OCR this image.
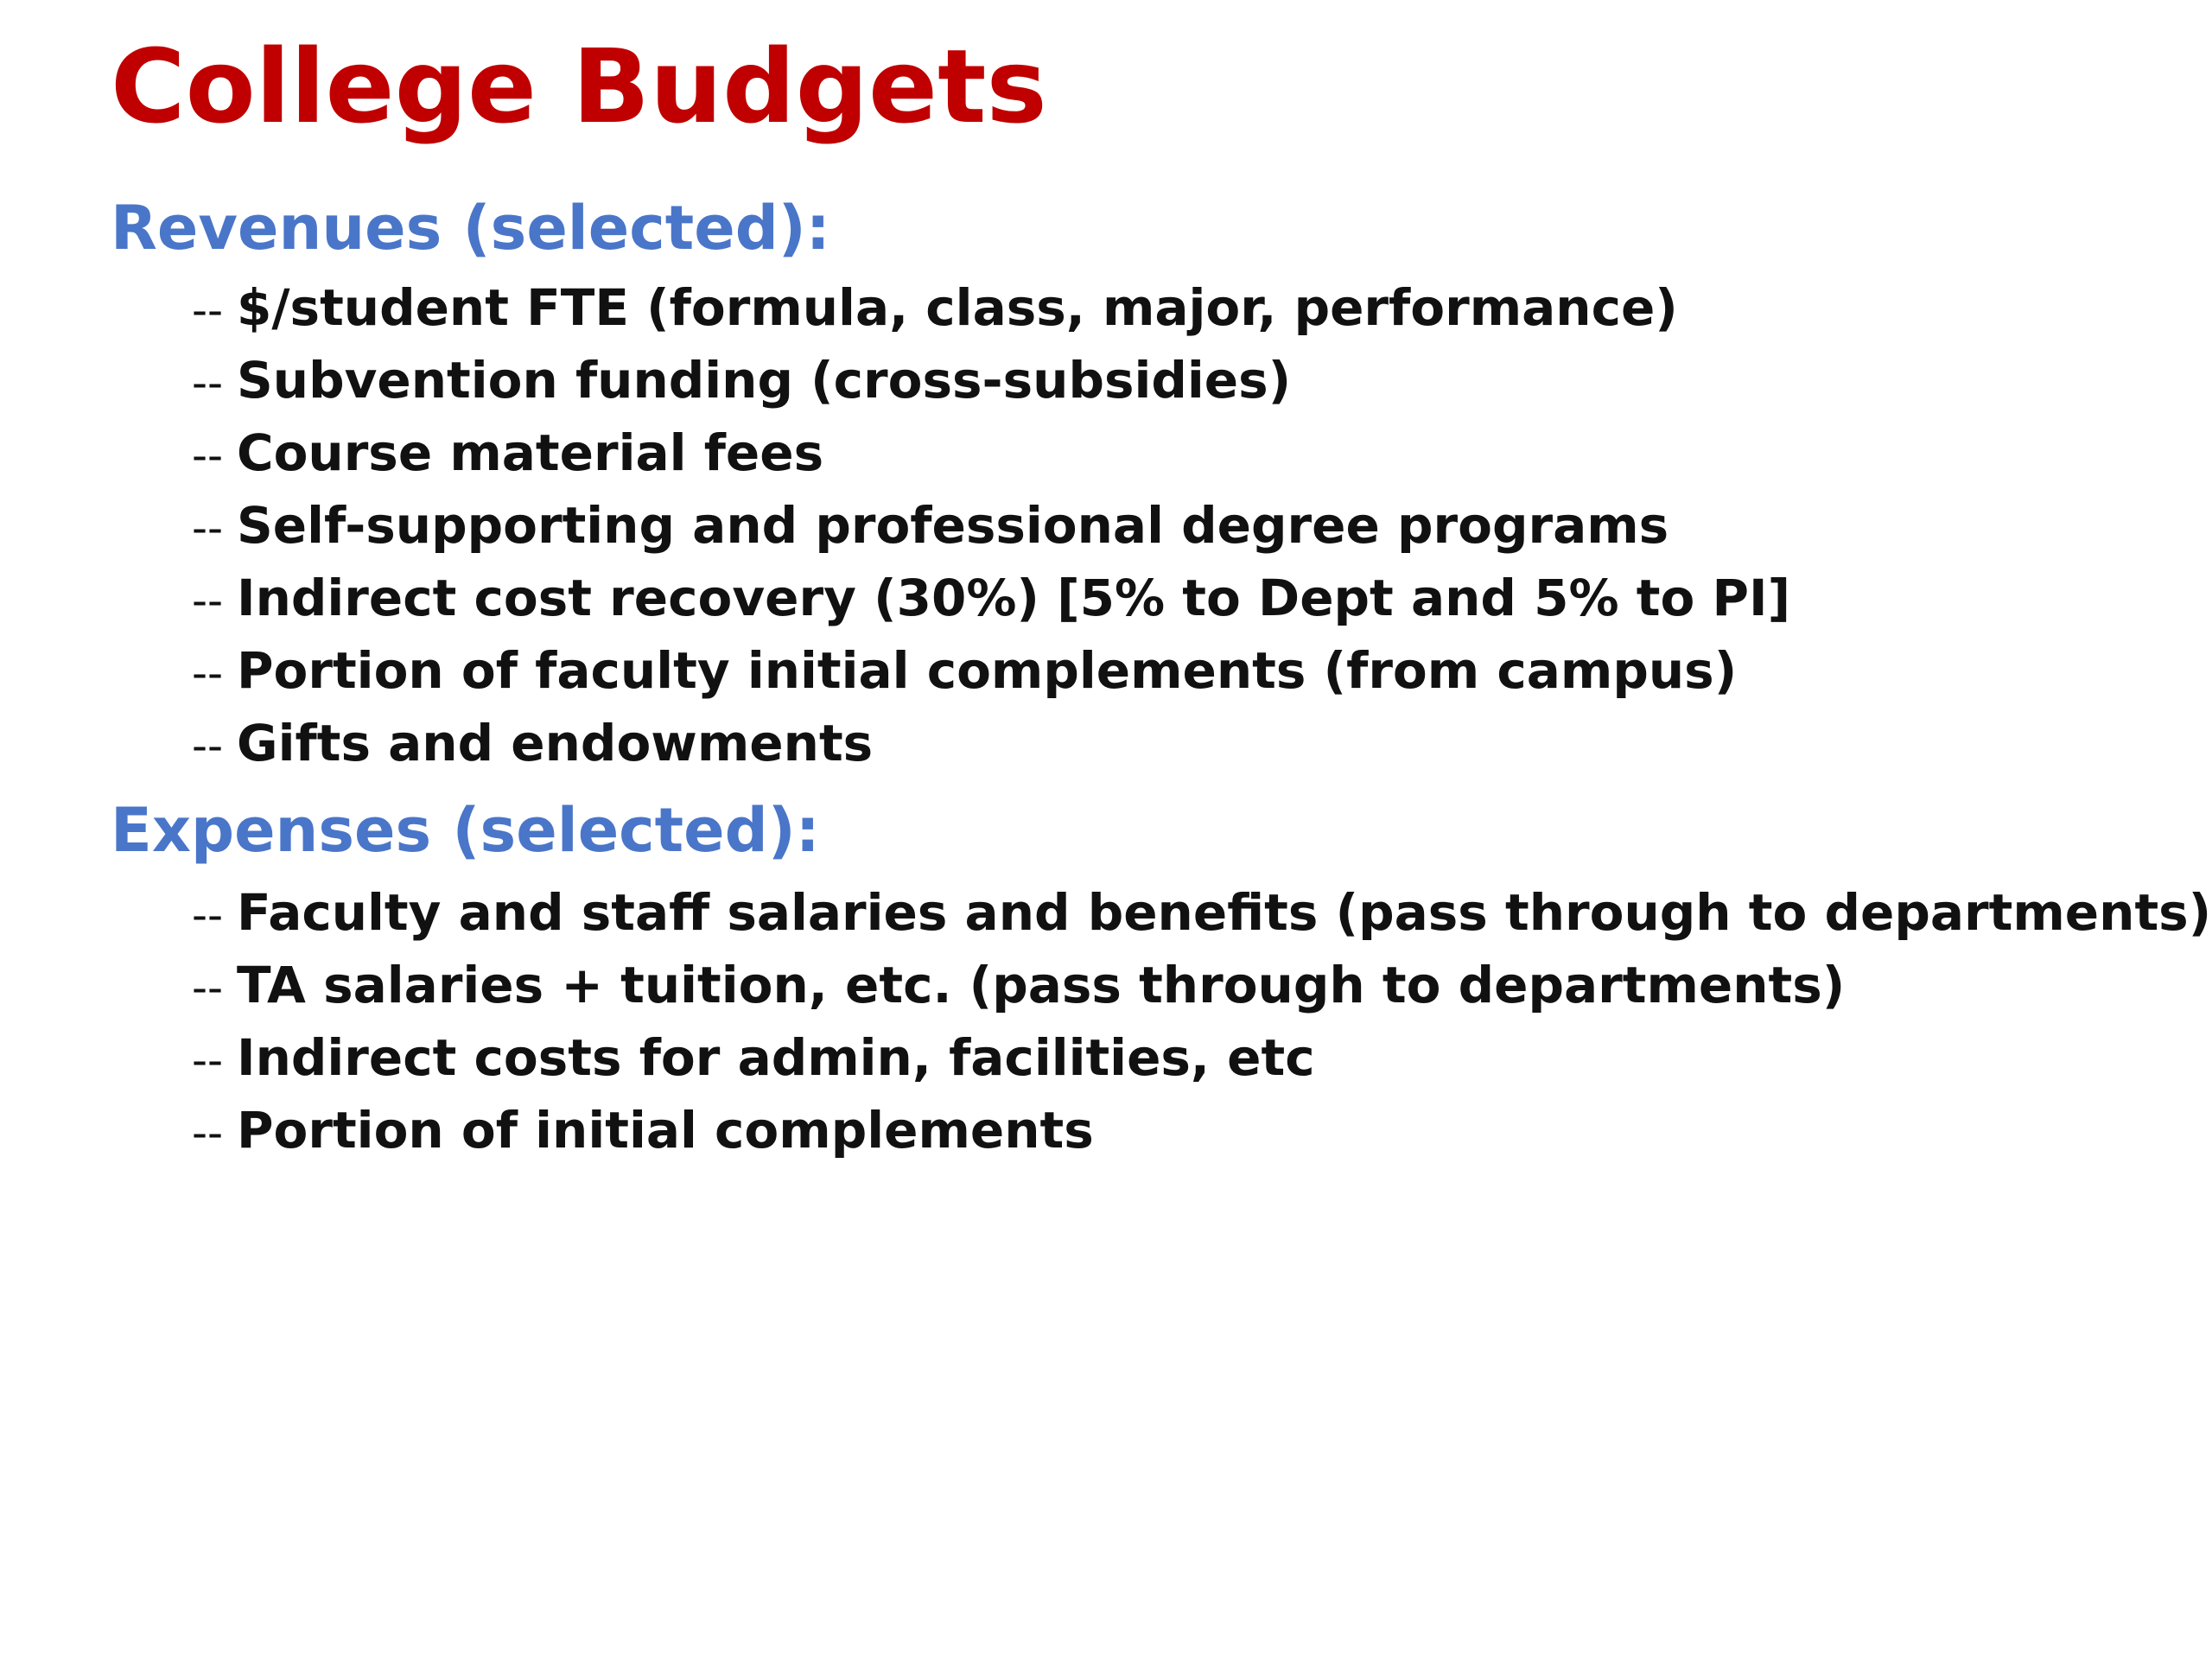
College Budgets
Revenues (selected):
-- $/student FTE (formula, class, major, performance)
-- Subvention funding (cross-subsidies)
-- Course material fees
-- Self-supporting and professional degree programs
-- Indirect cost recovery (30%) [5% to Dept and 5% to PI]
-- Portion of faculty initial complements (from campus)
-- Gifts and endowments
Expenses (selected):
-- Faculty and staff salaries and benefits (pass through to departments)
-- TA salaries + tuition, etc. (pass through to departments)
-- Indirect costs for admin, facilities, etc
-- Portion of initial complements
